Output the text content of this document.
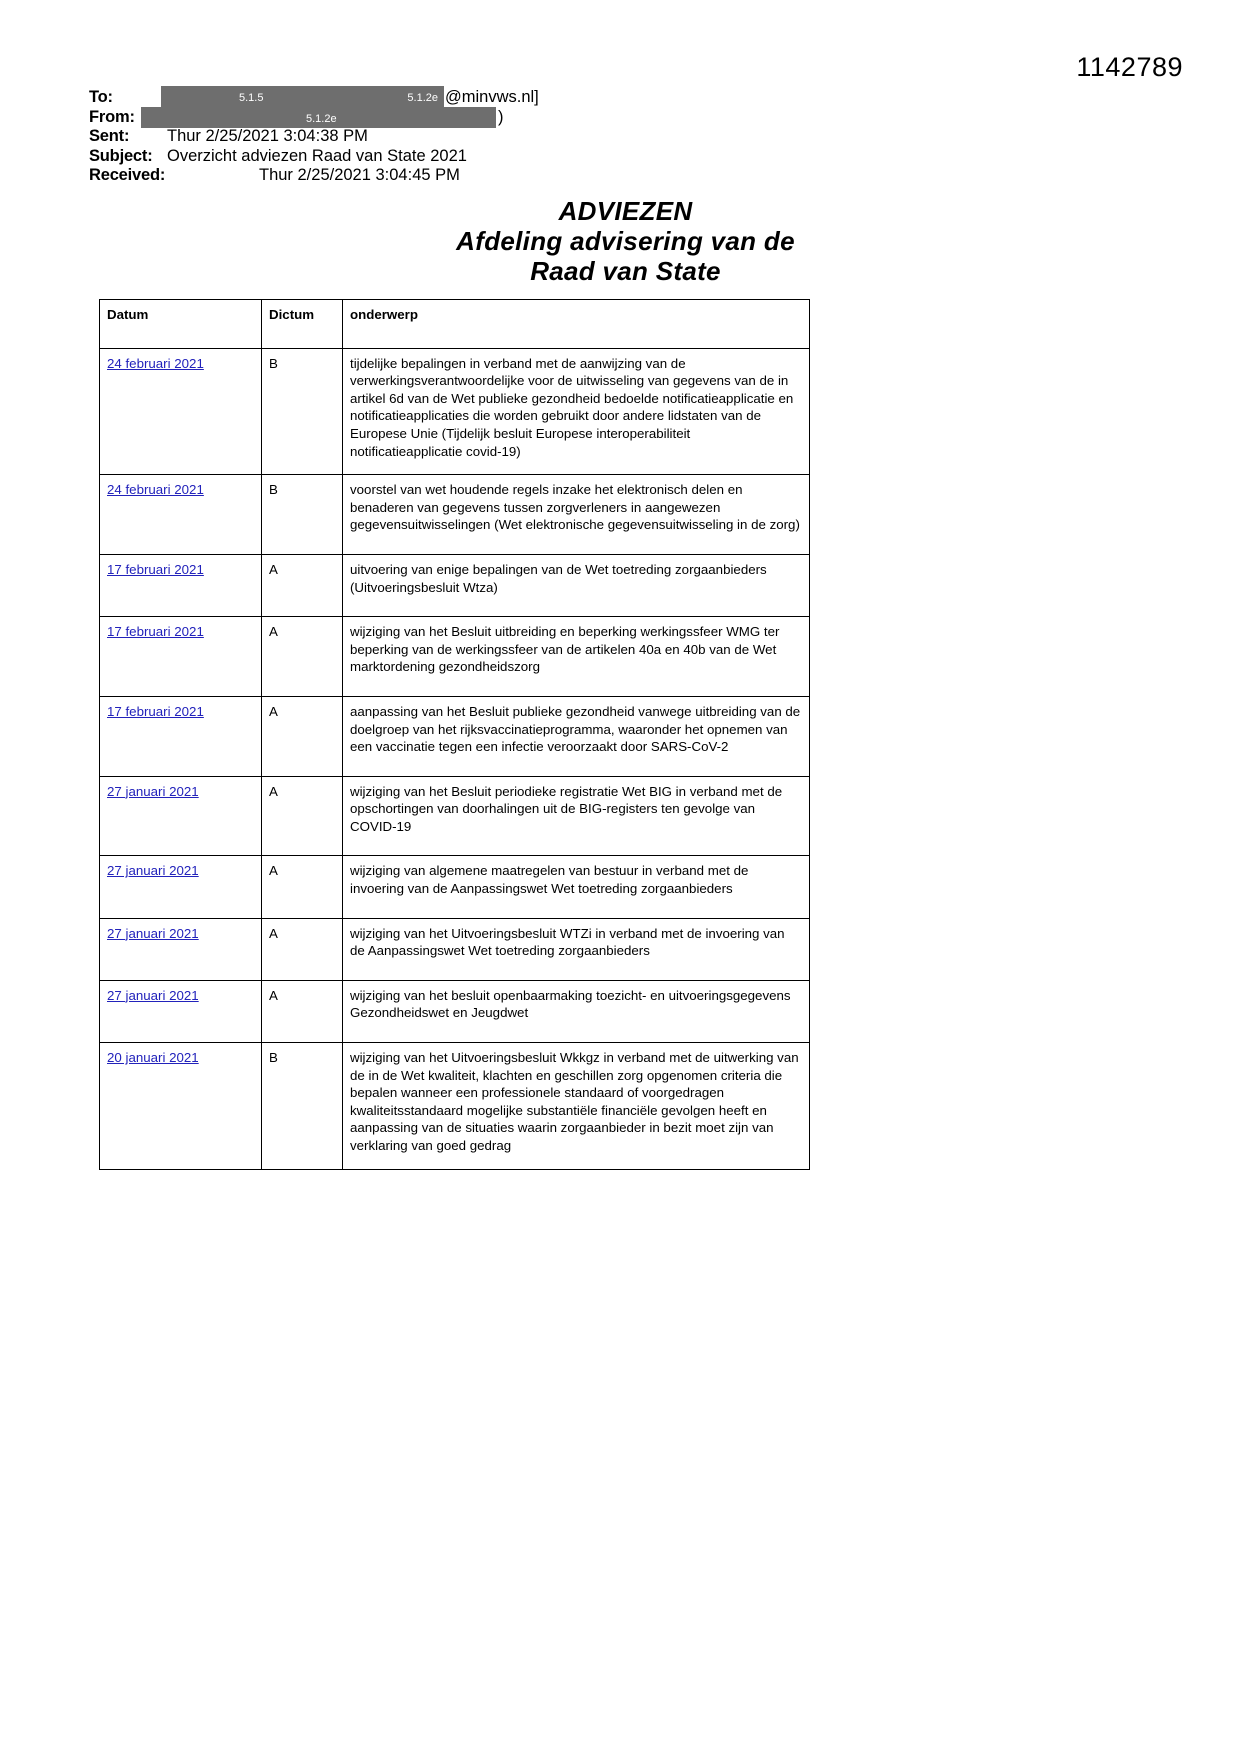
1142789
To:	5.1.5	5.1.2e @minvws.nl]
From:	5.1.2e	)
Sent: Thur 2/25/2021 3:04:38 PM
Subject: Overzicht adviezen Raad van State 2021
Received:	Thur 2/25/2021 3:04:45 PM
ADVIEZEN
Afdeling advisering van de
Raad van State
Datum	Dictum	onderwerp
24 februari 2021	B	tijdelijke bepalingen in verband met de aanwijzing van de verwerkingsverantwoordelijke voor de uitwisseling van gegevens van de in artikel 6d van de Wet publieke gezondheid bedoelde notificatieapplicatie en notificatieapplicaties die worden gebruikt door andere lidstaten van de Europese Unie (Tijdelijk besluit Europese interoperabiliteit notificatieapplicatie covid-19)
24 februari 2021	B	voorstel van wet houdende regels inzake het elektronisch delen en benaderen van gegevens tussen zorgverleners in aangewezen gegevensuitwisselingen (Wet elektronische gegevensuitwisseling in de zorg)
17 februari 2021	A	uitvoering van enige bepalingen van de Wet toetreding zorgaanbieders (Uitvoeringsbesluit Wtza)
17 februari 2021	A	wijziging van het Besluit uitbreiding en beperking werkingssfeer WMG ter beperking van de werkingssfeer van de artikelen 40a en 40b van de Wet marktordening gezondheidszorg
17 februari 2021	A	aanpassing van het Besluit publieke gezondheid vanwege uitbreiding van de doelgroep van het rijksvaccinatieprogramma, waaronder het opnemen van een vaccinatie tegen een infectie veroorzaakt door SARS-CoV-2
27 januari 2021	A	wijziging van het Besluit periodieke registratie Wet BIG in verband met de opschortingen van doorhalingen uit de BIG-registers ten gevolge van COVID-19
27 januari 2021	A	wijziging van algemene maatregelen van bestuur in verband met de invoering van de Aanpassingswet Wet toetreding zorgaanbieders
27 januari 2021	A	wijziging van het Uitvoeringsbesluit WTZi in verband met de invoering van de Aanpassingswet Wet toetreding zorgaanbieders
27 januari 2021	A	wijziging van het besluit openbaarmaking toezicht- en uitvoeringsgegevens Gezondheidswet en Jeugdwet
20 januari 2021	B	wijziging van het Uitvoeringsbesluit Wkkgz in verband met de uitwerking van de in de Wet kwaliteit, klachten en geschillen zorg opgenomen criteria die bepalen wanneer een professionele standaard of voorgedragen kwaliteitsstandaard mogelijke substantiële financiële gevolgen heeft en aanpassing van de situaties waarin zorgaanbieder in bezit moet zijn van verklaring van goed gedrag
